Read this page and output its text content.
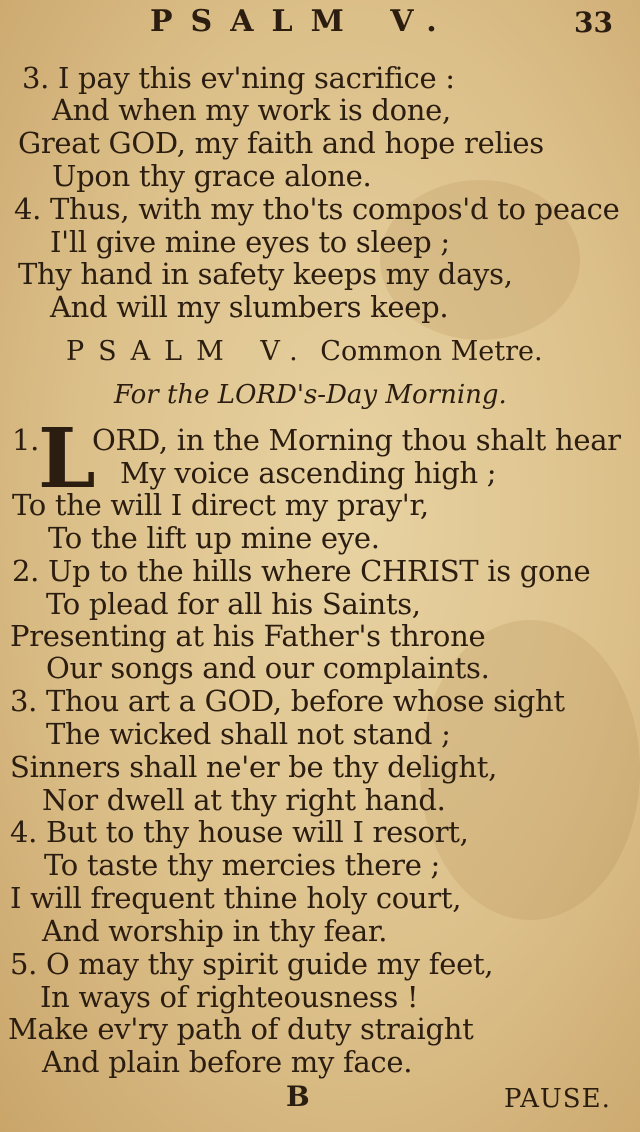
PSALM V.	33
3. I pay this ev'ning sacrifice :
And when my work is done,
Great GOD, my faith and hope relies
Upon thy grace alone.
4. Thus, with my tho'ts compos'd to peace
I'll give mine eyes to sleep ;
Thy hand in safety keeps my days,
And will my slumbers keep.
PSALM V. Common Metre.
For the LORD's-Day Morning.
1.
L
ORD, in the Morning thou shalt hear
My voice ascending high ;
To the will I direct my pray'r,
To the lift up mine eye.
2. Up to the hills where CHRIST is gone
To plead for all his Saints,
Presenting at his Father's throne
Our songs and our complaints.
3. Thou art a GOD, before whose sight
The wicked shall not stand ;
Sinners shall ne'er be thy delight,
Nor dwell at thy right hand.
4. But to thy house will I resort,
To taste thy mercies there ;
I will frequent thine holy court,
And worship in thy fear.
5. O may thy spirit guide my feet,
In ways of righteousness !
Make ev'ry path of duty straight
And plain before my face.
B	PAUSE.
